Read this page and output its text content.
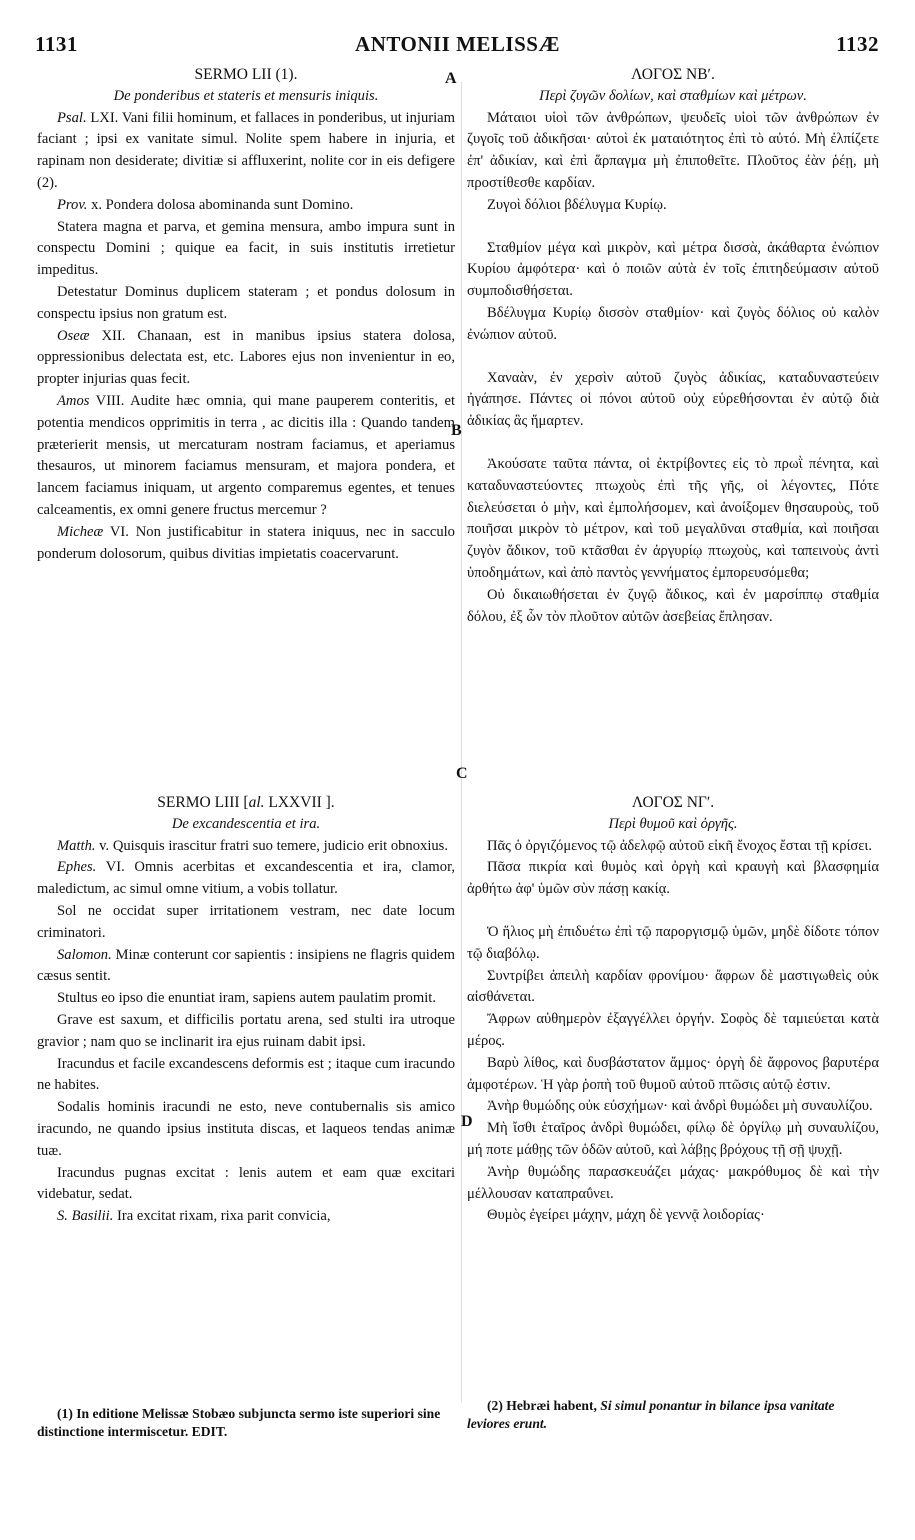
1131	ANTONII MELISSÆ	1132
A
B
C
D

SERMO LII (1).

De ponderibus et stateris et mensuris iniquis.

Psal. LXI. Vani filii hominum, et fallaces in ponderibus, ut injuriam faciant ; ipsi ex vanitate simul. Nolite spem habere in injuria, et rapinam non desiderate; divitiæ si affluxerint, nolite cor in eis defigere (2).

Prov. x. Pondera dolosa abominanda sunt Domino.

Statera magna et parva, et gemina mensura, ambo impura sunt in conspectu Domini ; quique ea facit, in suis institutis irretietur impeditus.

Detestatur Dominus duplicem stateram ; et pondus dolosum in conspectu ipsius non gratum est.

Oseæ XII. Chanaan, est in manibus ipsius statera dolosa, oppressionibus delectata est, etc. Labores ejus non invenientur in eo, propter injurias quas fecit.

Amos VIII. Audite hæc omnia, qui mane pauperem conteritis, et potentia mendicos opprimitis in terra , ac dicitis illa : Quando tandem præterierit mensis, ut mercaturam nostram faciamus, et aperiamus thesauros, ut minorem faciamus mensuram, et majora pondera, et lancem faciamus iniquam, ut argento comparemus egentes, et tenues calceamentis, ex omni genere fructus mercemur ?

Micheæ VI. Non justificabitur in statera iniquus, nec in sacculo ponderum dolosorum, quibus divitias impietatis coacervarunt.

SERMO LIII [al. LXXVII ].

De excandescentia et ira.

Matth. v. Quisquis irascitur fratri suo temere, judicio erit obnoxius.

Ephes. VI. Omnis acerbitas et excandescentia et ira, clamor, maledictum, ac simul omne vitium, a vobis tollatur.

Sol ne occidat super irritationem vestram, nec date locum criminatori.

Salomon. Minæ conterunt cor sapientis : insipiens ne flagris quidem cæsus sentit.

Stultus eo ipso die enuntiat iram, sapiens autem paulatim promit.

Grave est saxum, et difficilis portatu arena, sed stulti ira utroque gravior ; nam quo se inclinarit ira ejus ruinam dabit ipsi.

Iracundus et facile excandescens deformis est ; itaque cum iracundo ne habites.

Sodalis hominis iracundi ne esto, neve contubernalis sis amico iracundo, ne quando ipsius instituta discas, et laqueos tendas animæ tuæ.

Iracundus pugnas excitat : lenis autem et eam quæ excitari videbatur, sedat.

S. Basilii. Ira excitat rixam, rixa parit convicia,

ΛΟΓΟΣ ΝΒʹ.

Περὶ ζυγῶν δολίων, καὶ σταθμίων καὶ μέτρων.

Μάταιοι υἱοὶ τῶν ἀνθρώπων, ψευδεῖς υἱοὶ τῶν ἀνθρώπων ἐν ζυγοῖς τοῦ ἀδικῆσαι· αὐτοὶ ἐκ ματαιότητος ἐπὶ τὸ αὐτό. Μὴ ἐλπίζετε ἐπ' ἀδικίαν, καὶ ἐπὶ ἅρπαγμα μὴ ἐπιποθεῖτε. Πλοῦτος ἐὰν ῥέῃ, μὴ προστίθεσθε καρδίαν.

Ζυγοὶ δόλιοι βδέλυγμα Κυρίῳ.

Σταθμίον μέγα καὶ μικρὸν, καὶ μέτρα δισσὰ, ἀκάθαρτα ἐνώπιον Κυρίου ἀμφότερα· καὶ ὁ ποιῶν αὐτὰ ἐν τοῖς ἐπιτηδεύμασιν αὐτοῦ συμποδισθήσεται.

Βδέλυγμα Κυρίῳ δισσὸν σταθμίον· καὶ ζυγὸς δόλιος οὐ καλὸν ἐνώπιον αὐτοῦ.

Χαναὰν, ἐν χερσὶν αὐτοῦ ζυγὸς ἀδικίας, καταδυναστεύειν ἠγάπησε. Πάντες οἱ πόνοι αὐτοῦ οὐχ εὑρεθήσονται ἐν αὐτῷ διὰ ἀδικίας ἃς ἥμαρτεν.

Ἀκούσατε ταῦτα πάντα, οἱ ἐκτρίβοντες εἰς τὸ πρωῒ πένητα, καὶ καταδυναστεύοντες πτωχοὺς ἐπὶ τῆς γῆς, οἱ λέγοντες, Πότε διελεύσεται ὁ μὴν, καὶ ἐμπολήσομεν, καὶ ἀνοίξομεν θησαυροὺς, τοῦ ποιῆσαι μικρὸν τὸ μέτρον, καὶ τοῦ μεγαλῦναι σταθμία, καὶ ποιῆσαι ζυγὸν ἄδικον, τοῦ κτᾶσθαι ἐν ἀργυρίῳ πτωχοὺς, καὶ ταπεινοὺς ἀντὶ ὑποδημάτων, καὶ ἀπὸ παντὸς γεννήματος ἐμπορευσόμεθα;

Οὐ δικαιωθήσεται ἐν ζυγῷ ἄδικος, καὶ ἐν μαρσίππῳ σταθμία δόλου, ἐξ ὧν τὸν πλοῦτον αὐτῶν ἀσεβείας ἔπλησαν.

ΛΟΓΟΣ ΝΓʹ.

Περὶ θυμοῦ καὶ ὀργῆς.

Πᾶς ὁ ὀργιζόμενος τῷ ἀδελφῷ αὐτοῦ εἰκῆ ἔνοχος ἔσται τῇ κρίσει.

Πᾶσα πικρία καὶ θυμὸς καὶ ὀργὴ καὶ κραυγὴ καὶ βλασφημία ἀρθήτω ἀφ' ὑμῶν σὺν πάσῃ κακίᾳ.

Ὁ ἥλιος μὴ ἐπιδυέτω ἐπὶ τῷ παροργισμῷ ὑμῶν, μηδὲ δίδοτε τόπον τῷ διαβόλῳ.

Συντρίβει ἀπειλὴ καρδίαν φρονίμου· ἄφρων δὲ μαστιγωθεὶς οὐκ αἰσθάνεται.

Ἄφρων αὐθημερὸν ἐξαγγέλλει ὀργήν. Σοφὸς δὲ ταμιεύεται κατὰ μέρος.

Βαρὺ λίθος, καὶ δυσβάστατον ἄμμος· ὀργὴ δὲ ἄφρονος βαρυτέρα ἀμφοτέρων. Ἡ γὰρ ῥοπὴ τοῦ θυμοῦ αὐτοῦ πτῶσις αὐτῷ ἐστιν.

Ἀνὴρ θυμώδης οὐκ εὐσχήμων· καὶ ἀνδρὶ θυμώδει μὴ συναυλίζου.

Μὴ ἴσθι ἑταῖρος ἀνδρὶ θυμώδει, φίλῳ δὲ ὀργίλῳ μὴ συναυλίζου, μή ποτε μάθῃς τῶν ὁδῶν αὐτοῦ, καὶ λάβῃς βρόχους τῇ σῇ ψυχῇ.

Ἀνὴρ θυμώδης παρασκευάζει μάχας· μακρόθυμος δὲ καὶ τὴν μέλλουσαν καταπραΰνει.

Θυμὸς ἐγείρει μάχην, μάχη δὲ γεννᾷ λοιδορίας·

(1) In editione Melissæ Stobæo subjuncta sermo iste superiori sine distinctione intermiscetur. EDIT.
(2) Hebræi habent, Si simul ponantur in bilance ipsa vanitate leviores erunt.
